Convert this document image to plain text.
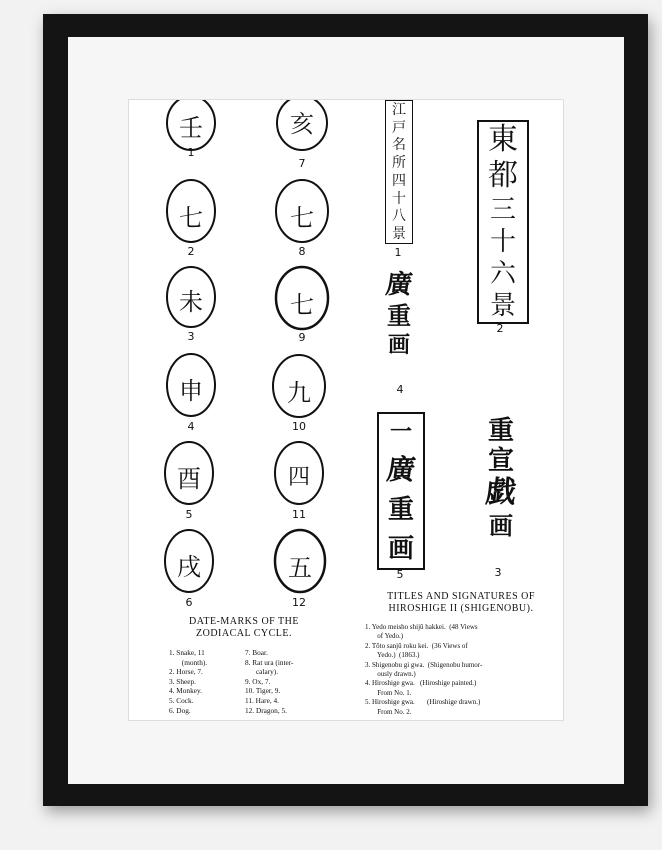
壬
1
七
2
未
3
申
4
酉
5
戌
6
亥
7
七
8
七
9
九
10
四
11
五
12
江
戸
名
所
四
十
八
景
1
東
都
三
十
六
景
2
廣
重
画
4
一
廣
重
画
5
重
宣
戯
画
3
DATE-MARKS OF THE
ZODIACAL CYCLE.
1. Snake, 11
(month).
2. Horse, 7.
3. Sheep.
4. Monkey.
5. Cock.
6. Dog.
7. Boar.
8. Rat ura (inter-
calary).
9. Ox, 7.
10. Tiger, 9.
11. Hare, 4.
12. Dragon, 5.
TITLES AND SIGNATURES OF
HIROSHIGE II (SHIGENOBU).
1. Yedo meisho shijū hakkei.  (48 Views
of Yedo.)
2. Tōto sanjū roku kei.  (36 Views of
Yedo.)  (1863.)
3. Shigenobu gi gwa.  (Shigenobu humor-
ously drawn.)
4. Hiroshige gwa.   (Hiroshige painted.)
From No. 1.
5. Hiroshige gwa.       (Hiroshige drawn.)
From No. 2.
